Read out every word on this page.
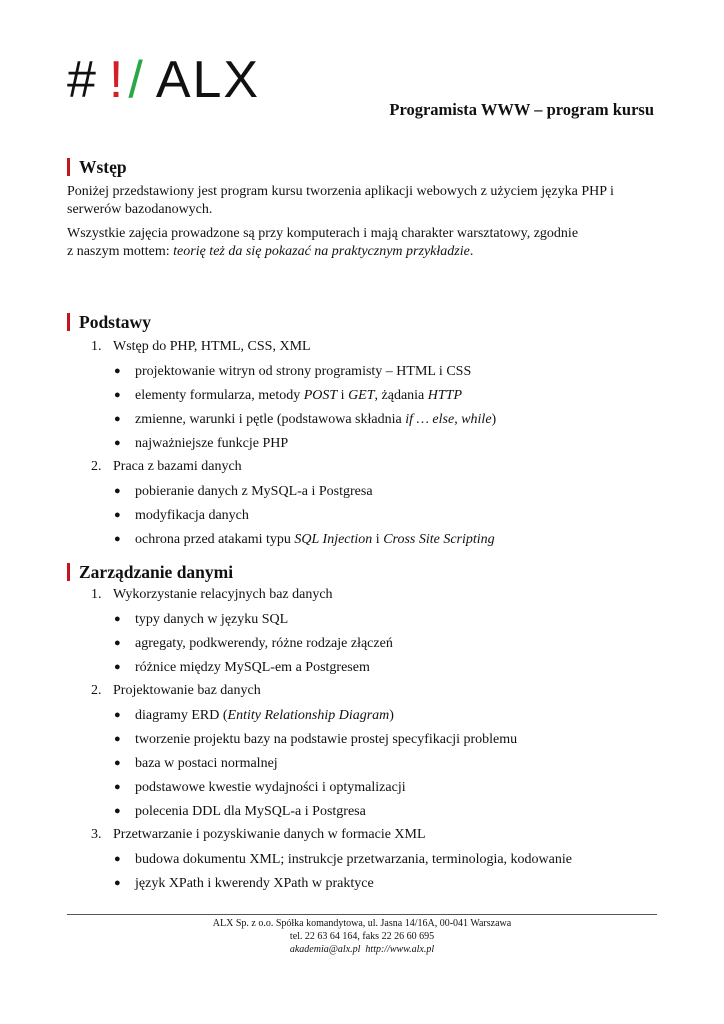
# !/ ALX
Programista WWW – program kursu
Wstęp

Poniżej przedstawiony jest program kursu tworzenia aplikacji webowych z użyciem języka PHP i serwerów bazodanowych.

Wszystkie zajęcia prowadzone są przy komputerach i mają charakter warsztatowy, zgodnie
z naszym mottem: teorię też da się pokazać na praktycznym przykładzie.

Podstawy
1. Wstęp do PHP, HTML, CSS, XML
● projektowanie witryn od strony programisty – HTML i CSS
● elementy formularza, metody POST i GET, żądania HTTP
● zmienne, warunki i pętle (podstawowa składnia if … else, while)
● najważniejsze funkcje PHP
2. Praca z bazami danych
● pobieranie danych z MySQL-a i Postgresa
● modyfikacja danych
● ochrona przed atakami typu SQL Injection i Cross Site Scripting
Zarządzanie danymi
1. Wykorzystanie relacyjnych baz danych
● typy danych w języku SQL
● agregaty, podkwerendy, różne rodzaje złączeń
● różnice między MySQL-em a Postgresem
2. Projektowanie baz danych
● diagramy ERD (Entity Relationship Diagram)
● tworzenie projektu bazy na podstawie prostej specyfikacji problemu
● baza w postaci normalnej
● podstawowe kwestie wydajności i optymalizacji
● polecenia DDL dla MySQL-a i Postgresa
3. Przetwarzanie i pozyskiwanie danych w formacie XML
● budowa dokumentu XML; instrukcje przetwarzania, terminologia, kodowanie
● język XPath i kwerendy XPath w praktyce
ALX Sp. z o.o. Spółka komandytowa, ul. Jasna 14/16A, 00-041 Warszawa
tel. 22 63 64 164, faks 22 26 60 695
akademia@alx.pl http://www.alx.pl
